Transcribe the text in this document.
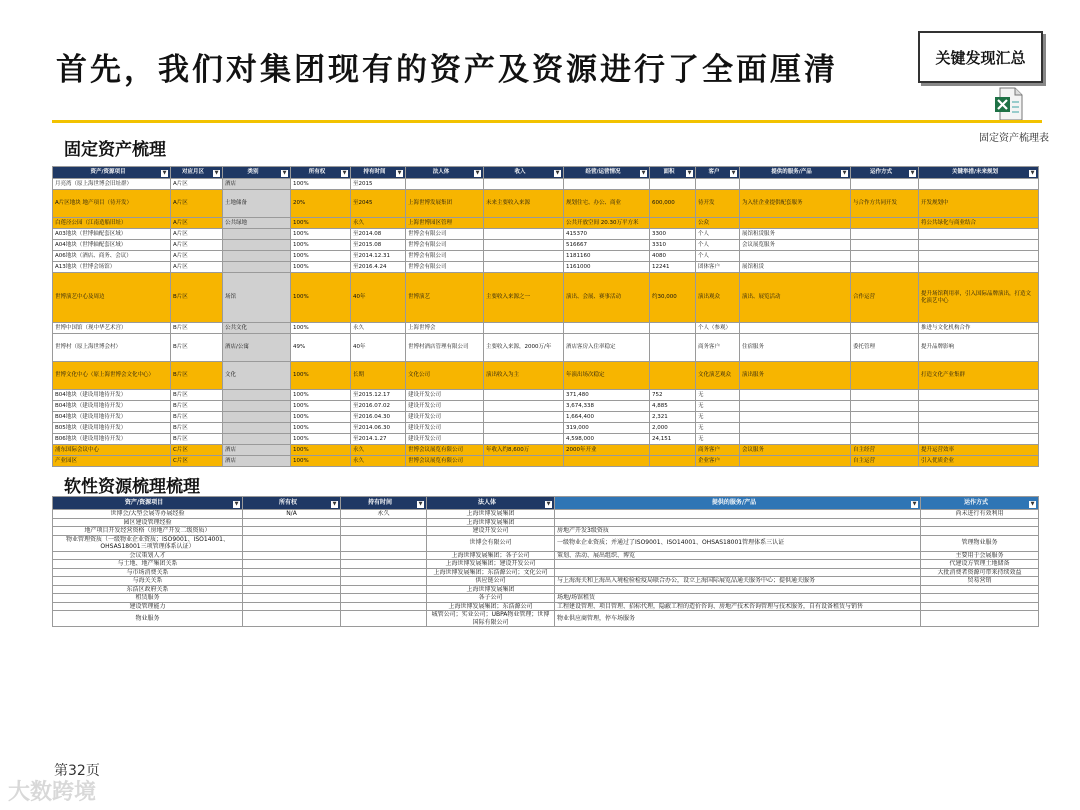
首先，我们对集团现有的资产及资源进行了全面厘清	关键发现汇总
固定资产梳理表
固定资产梳理
资产/资源项目 ▼	对应月区 ▼	类别 ▼	所有权 ▼	持有时间 ▼	法人体 ▼	收入 ▼	经营/运营情况 ▼	面积 ▼	客户 ▼	提供的服务/产品 ▼	运作方式 ▼	关键举措/未来规划 ▼

月亮湾（原上海世博会旧址群）	A片区	酒店	100%	至2015								
A片区地块 地产项目（待开发）	A片区	土地储备	20%	至2045	上海世博发展集团	未来主要收入来源	规划住宅、办公、商业	600,000	待开发	为入驻企业提供配套服务	与合作方共同开发	开发规划中
白莲泾公园（江南造船旧址）	A片区	公共绿地	100%	永久	上海世博园区管理		公共开放空间 20.30万平方米		公众			将公共绿化与商业结合
A03地块（世博轴配套区域）	A片区		100%	至2014.08	世博会有限公司		415370	3300	个人	展馆租赁服务		
A04地块（世博轴配套区域）	A片区		100%	至2015.08	世博会有限公司		516667	3310	个人	会议展览服务		
A06地块（酒店、商务、会议）	A片区		100%	至2014.12.31	世博会有限公司		1181160	4080	个人			
A13地块（世博会场馆）	A片区		100%	至2016.4.24	世博会有限公司		1161000	12241	团体客户	展馆租赁		
世博演艺中心及周边	B片区	场馆	100%	40年	世博演艺	主要收入来源之一	演出、会展、赛事活动	约30,000	演出观众	演出、展览活动	合作运营	提升场馆利用率，引入国际品牌演出，打造文化演艺中心
世博中国馆（现中华艺术宫）	B片区	公共文化	100%	永久	上海世博会				个人（参观）			推进与文化机构合作
世博村（原上海世博会村）	B片区	酒店/公寓	49%	40年	世博村酒店管理有限公司	主要收入来源，2000万/年	酒店客房入住率稳定		商务客户	住宿服务	委托管理	提升品牌影响
世博文化中心（原上海世博会文化中心）	B片区	文化	100%	长期	文化公司	演出收入为主	年演出场次稳定		文化演艺观众	演出服务		打造文化产业集群
B04地块（建设用地待开发）	B片区		100%	至2015.12.17	建设开发公司		371,480	752	无			
B04地块（建设用地待开发）	B片区		100%	至2016.07.02	建设开发公司		3,674,338	4,885	无			
B04地块（建设用地待开发）	B片区		100%	至2016.04.30	建设开发公司		1,664,400	2,321	无			
B05地块（建设用地待开发）	B片区		100%	至2014.06.30	建设开发公司		319,000	2,000	无			
B06地块（建设用地待开发）	B片区		100%	至2014.1.27	建设开发公司		4,598,000	24,151	无			
浦东国际会议中心	C片区	酒店	100%	永久	世博会议展览有限公司	年收入约8,600万	2000年开业		商务客户	会议服务	自主经营	提升运营效率
产业园区	C片区	酒店	100%	永久	世博会议展览有限公司				企业客户		自主运营	引入优质企业
软性资源梳理梳理
资产/资源项目 ▼	所有权 ▼	持有时间 ▼	法人体 ▼	提供的服务/产品 ▼	运作方式 ▼

世博会/大型会展等办展经验	N/A	永久	上海世博发展集团		尚未进行有效利用
园区建设管理经验			上海世博发展集团		
地产项目开发经营资格（房地产开发二级资质）			建设开发公司	房地产开发3级资质	
物业管理资质（一级物业企业资质；ISO9001、ISO14001、OHSAS18001三项管理体系认证）			世博会有限公司	一级物业企业资质；并通过了ISO9001、ISO14001、OHSAS18001管理体系三认证	管理物业服务
会议策划人才			上海世博发展集团；各子公司	策划、活动、展出组织、博览	主要用于会展服务
与土地、地产集团关系			上海世博发展集团；建设开发公司		代建设方管理土地储备
与市场消费关系			上海世博发展集团；东浩源公司；文化公司		大批消费者资源可带来持续效益
与海关关系			供应链公司	与上海海关和上海出入境检验检疫局联合办公，设立上海国际展览品通关服务中心；提供通关服务	贸易营销
东浩区政府关系			上海世博发展集团		
租赁服务			各子公司	场地/场馆租赁	
建设管理能力			上海世博发展集团；东浩源公司	工程建设管理、项目管理、招标代理，隐蔽工程的造价咨询、房地产技术咨询管理与技术服务，自有设备租赁与销售	
物业服务			城管公司；实业公司；UBPA物业管理；世博国际有限公司	物业供应商管理，停车场服务	
第32页
大数跨境
